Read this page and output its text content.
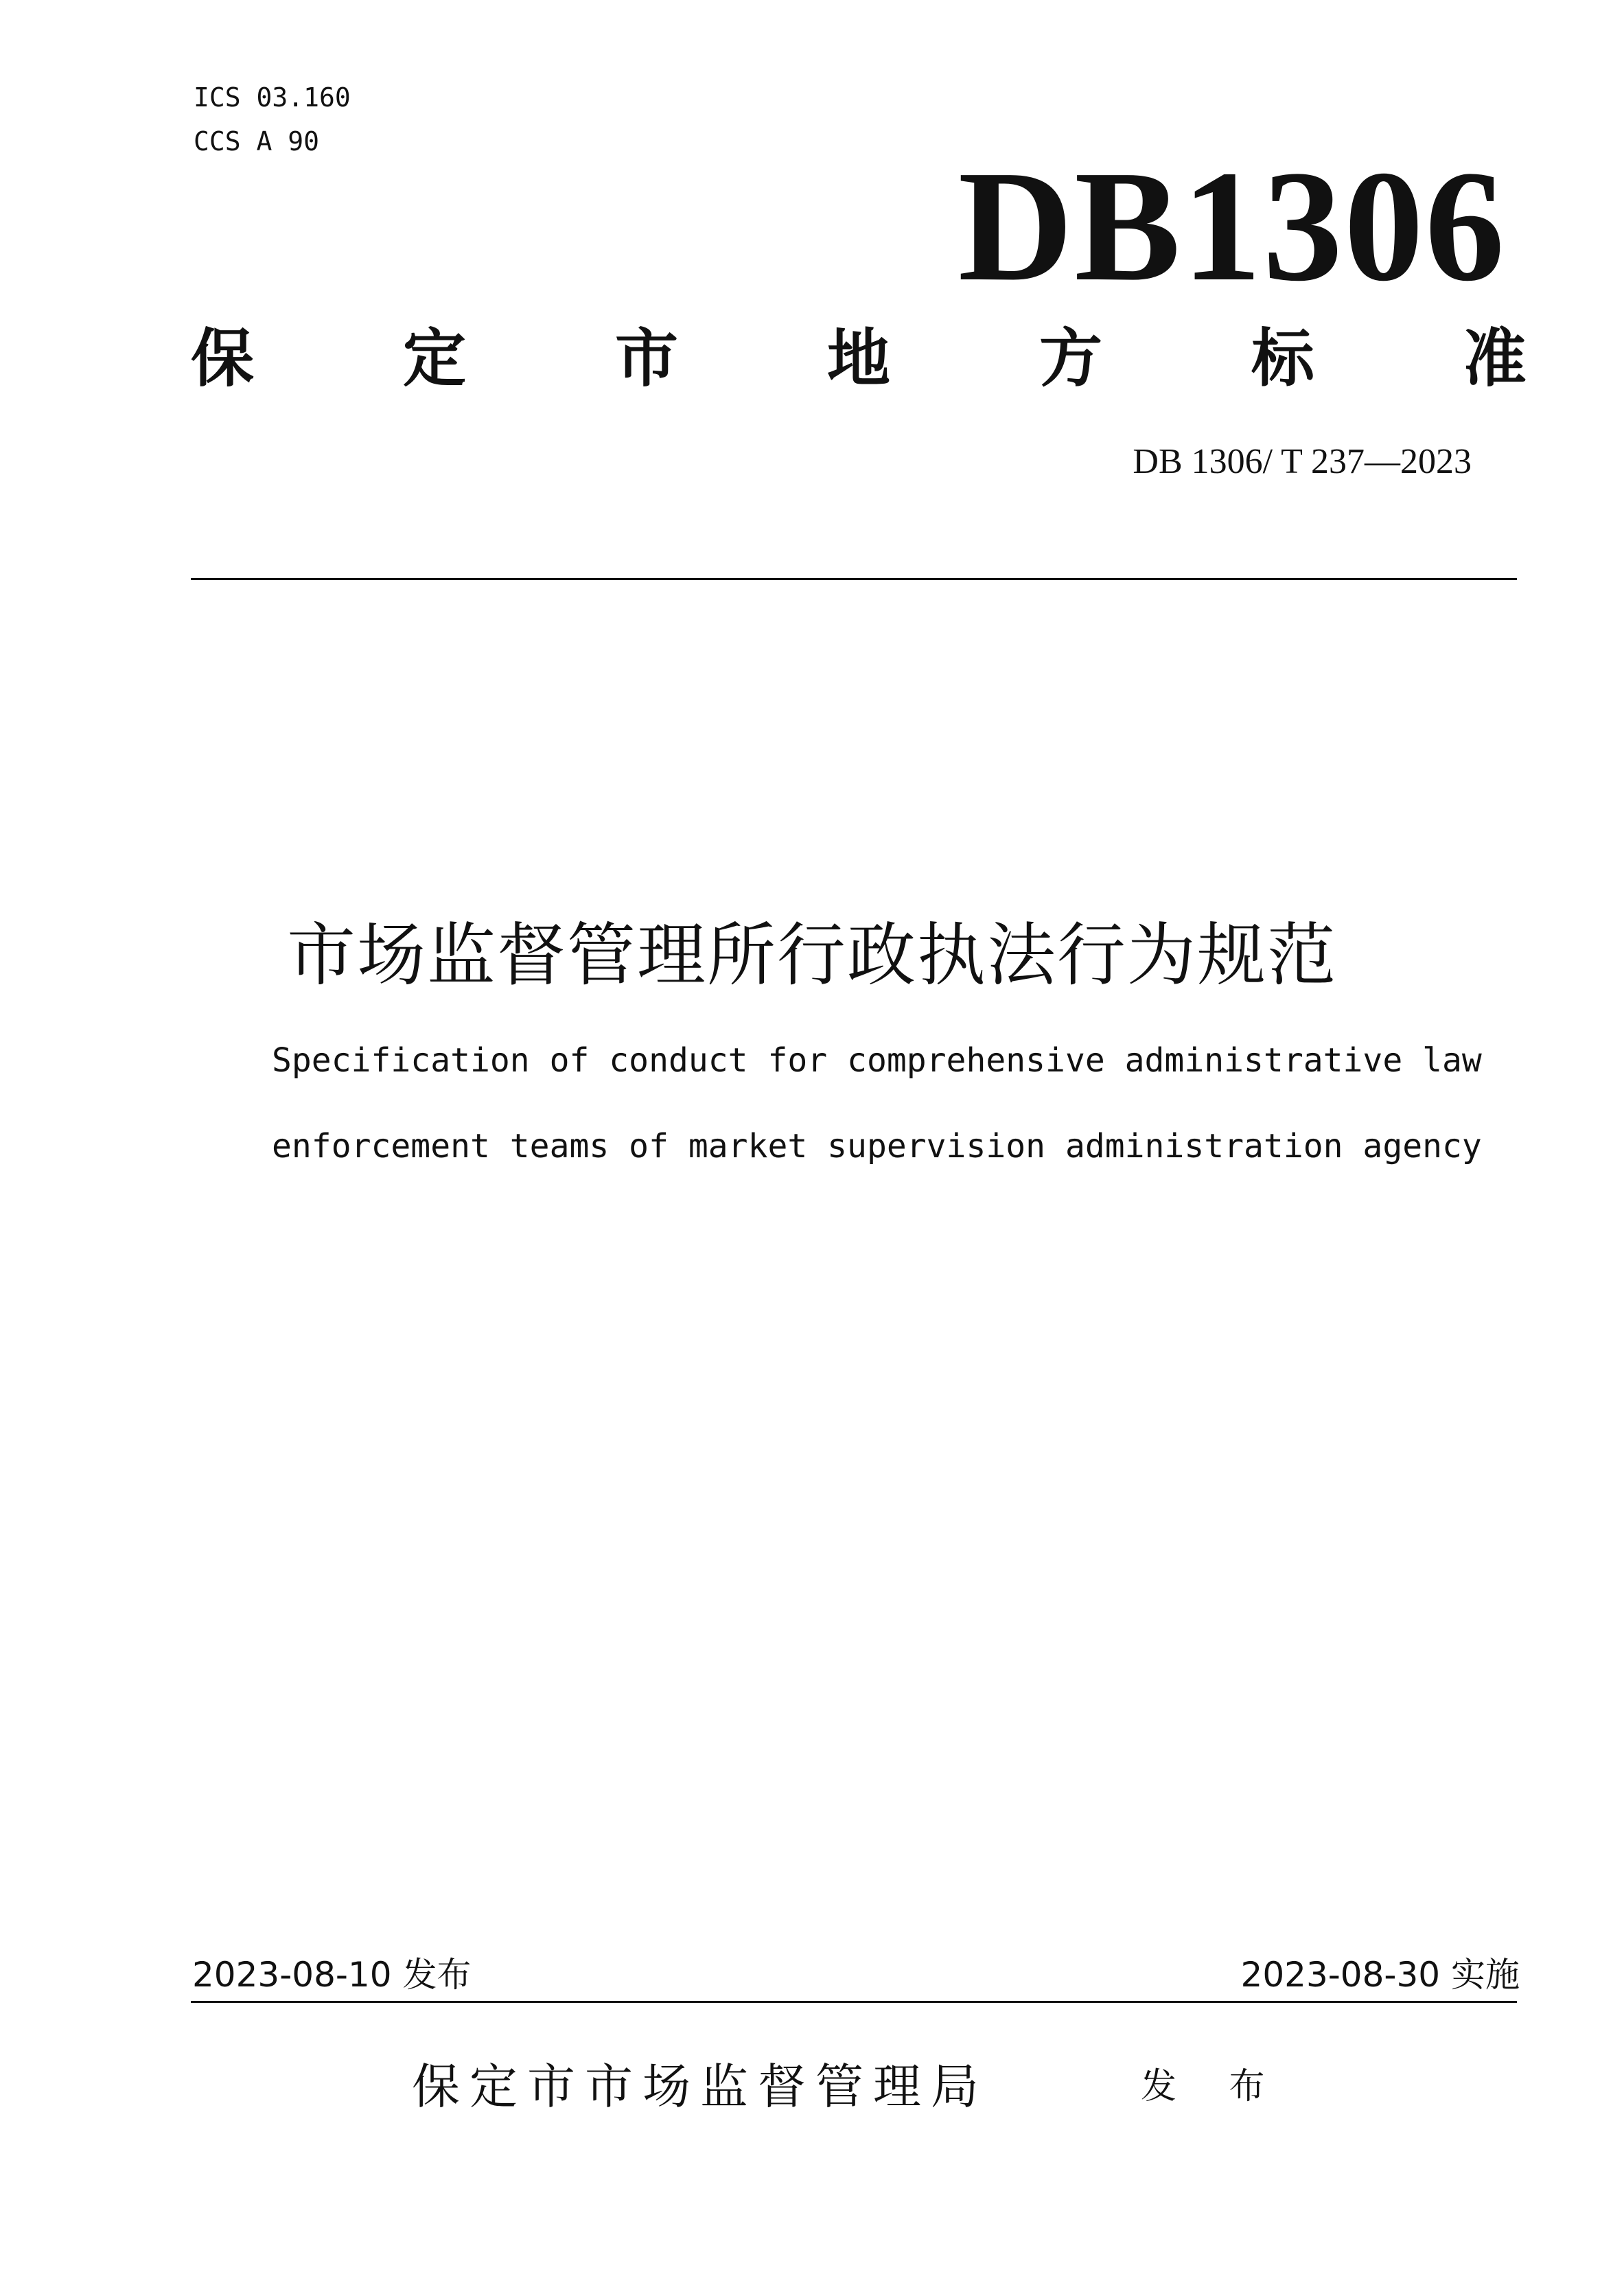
ICS 03.160
CCS A 90	DB1306
保 定 市 地 方 标 准
DB 1306/ T 237—2023
市场监督管理所行政执法行为规范
Specification of conduct for comprehensive administrative law
enforcement teams of market supervision administration agency
2023-08-10 发布	2023-08-30 实施
保定市市场监督管理局	发 布
